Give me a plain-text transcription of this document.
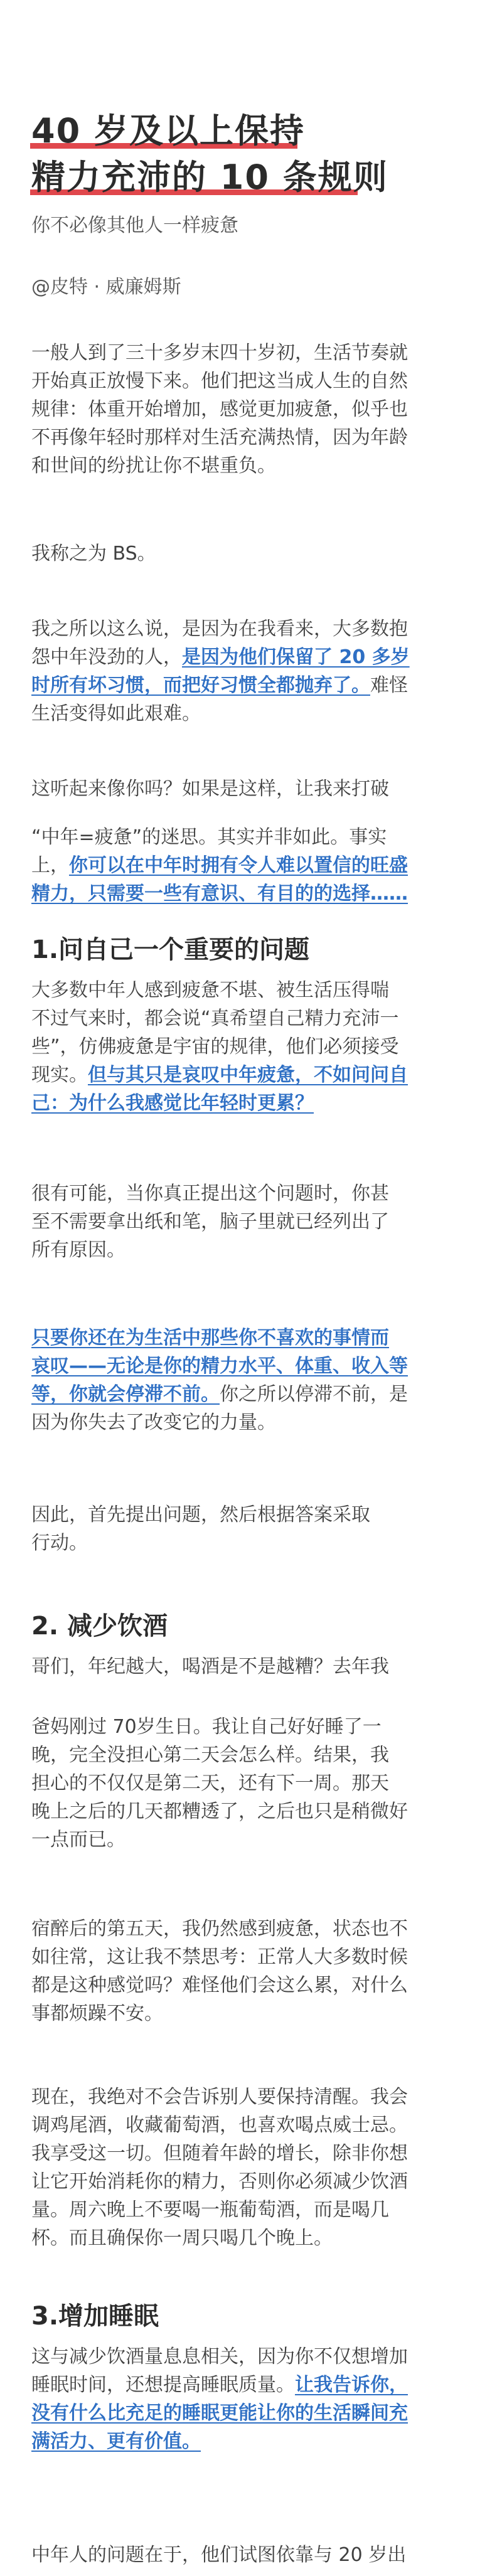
40 岁及以上保持
精力充沛的 10 条规则
你不必像其他人一样疲惫
@皮特 · 威廉姆斯
一般人到了三十多岁末四十岁初，生活节奏就
开始真正放慢下来。他们把这当成人生的自然
规律：体重开始增加，感觉更加疲惫，似乎也
不再像年轻时那样对生活充满热情，因为年龄
和世间的纷扰让你不堪重负。
我称之为 BS。
我之所以这么说，是因为在我看来，大多数抱
怨中年没劲的人，是因为他们保留了 20 多岁
时所有坏习惯，而把好习惯全都抛弃了。难怪
生活变得如此艰难。
这听起来像你吗？如果是这样，让我来打破
“中年=疲惫”的迷思。其实并非如此。事实
上，你可以在中年时拥有令人难以置信的旺盛
精力，只需要一些有意识、有目的的选择……
1.问自己一个重要的问题
大多数中年人感到疲惫不堪、被生活压得喘
不过气来时，都会说“真希望自己精力充沛一
些”，仿佛疲惫是宇宙的规律，他们必须接受
现实。但与其只是哀叹中年疲惫，不如问问自
己：为什么我感觉比年轻时更累？
很有可能，当你真正提出这个问题时，你甚
至不需要拿出纸和笔，脑子里就已经列出了
所有原因。
只要你还在为生活中那些你不喜欢的事情而
哀叹——无论是你的精力水平、体重、收入等
等，你就会停滞不前。你之所以停滞不前，是
因为你失去了改变它的力量。
因此，首先提出问题，然后根据答案采取
行动。
2. 减少饮酒
哥们，年纪越大，喝酒是不是越糟？去年我
爸妈刚过 70岁生日。我让自己好好睡了一
晚，完全没担心第二天会怎么样。结果，我
担心的不仅仅是第二天，还有下一周。那天
晚上之后的几天都糟透了，之后也只是稍微好
一点而已。
宿醉后的第五天，我仍然感到疲惫，状态也不
如往常，这让我不禁思考：正常人大多数时候
都是这种感觉吗？难怪他们会这么累，对什么
事都烦躁不安。
现在，我绝对不会告诉别人要保持清醒。我会
调鸡尾酒，收藏葡萄酒，也喜欢喝点威士忌。
我享受这一切。但随着年龄的增长，除非你想
让它开始消耗你的精力，否则你必须减少饮酒
量。周六晚上不要喝一瓶葡萄酒，而是喝几
杯。而且确保你一周只喝几个晚上。
3.增加睡眠
这与减少饮酒量息息相关，因为你不仅想增加
睡眠时间，还想提高睡眠质量。让我告诉你，
没有什么比充足的睡眠更能让你的生活瞬间充
满活力、更有价值。
中年人的问题在于，他们试图依靠与 20 岁出
